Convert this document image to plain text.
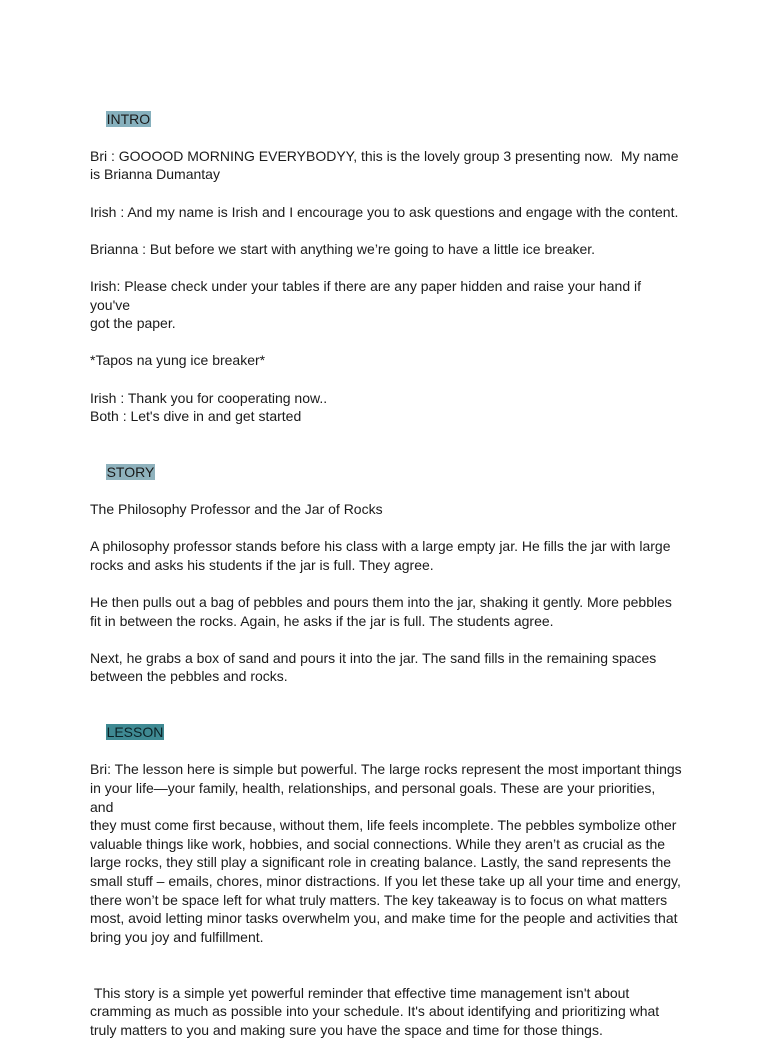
INTRO

Bri : GOOOOD MORNING EVERYBODYY, this is the lovely group 3 presenting now.  My name

is Brianna Dumantay

Irish : And my name is Irish and I encourage you to ask questions and engage with the content.

Brianna : But before we start with anything we’re going to have a little ice breaker.

Irish: Please check under your tables if there are any paper hidden and raise your hand if you've

got the paper.

*Tapos na yung ice breaker*

Irish : Thank you for cooperating now..

Both : Let's dive in and get started

STORY

The Philosophy Professor and the Jar of Rocks

A philosophy professor stands before his class with a large empty jar. He fills the jar with large

rocks and asks his students if the jar is full. They agree.

He then pulls out a bag of pebbles and pours them into the jar, shaking it gently. More pebbles

fit in between the rocks. Again, he asks if the jar is full. The students agree.

Next, he grabs a box of sand and pours it into the jar. The sand fills in the remaining spaces

between the pebbles and rocks.

LESSON

Bri: The lesson here is simple but powerful. The large rocks represent the most important things

in your life—your family, health, relationships, and personal goals. These are your priorities, and

they must come first because, without them, life feels incomplete. The pebbles symbolize other

valuable things like work, hobbies, and social connections. While they aren’t as crucial as the

large rocks, they still play a significant role in creating balance. Lastly, the sand represents the

small stuff – emails, chores, minor distractions. If you let these take up all your time and energy,

there won’t be space left for what truly matters. The key takeaway is to focus on what matters

most, avoid letting minor tasks overwhelm you, and make time for the people and activities that

bring you joy and fulfillment.

This story is a simple yet powerful reminder that effective time management isn't about

cramming as much as possible into your schedule. It's about identifying and prioritizing what

truly matters to you and making sure you have the space and time for those things.
